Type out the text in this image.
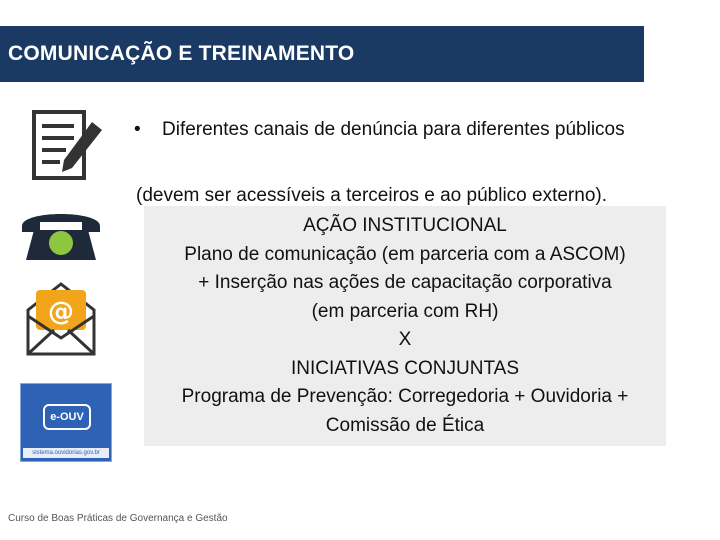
COMUNICAÇÃO E TREINAMENTO
@
e-OUV
sistema.ouvidorias.gov.br
•	Diferentes canais de denúncia para diferentes públicos
(devem ser acessíveis a terceiros e ao público externo).
AÇÃO INSTITUCIONAL
Plano de comunicação (em parceria com a ASCOM)
+ Inserção nas ações de capacitação corporativa
(em parceria com RH)
X
INICIATIVAS CONJUNTAS
Programa de Prevenção: Corregedoria + Ouvidoria +
Comissão de Ética
Curso de Boas Práticas de Governança e Gestão
